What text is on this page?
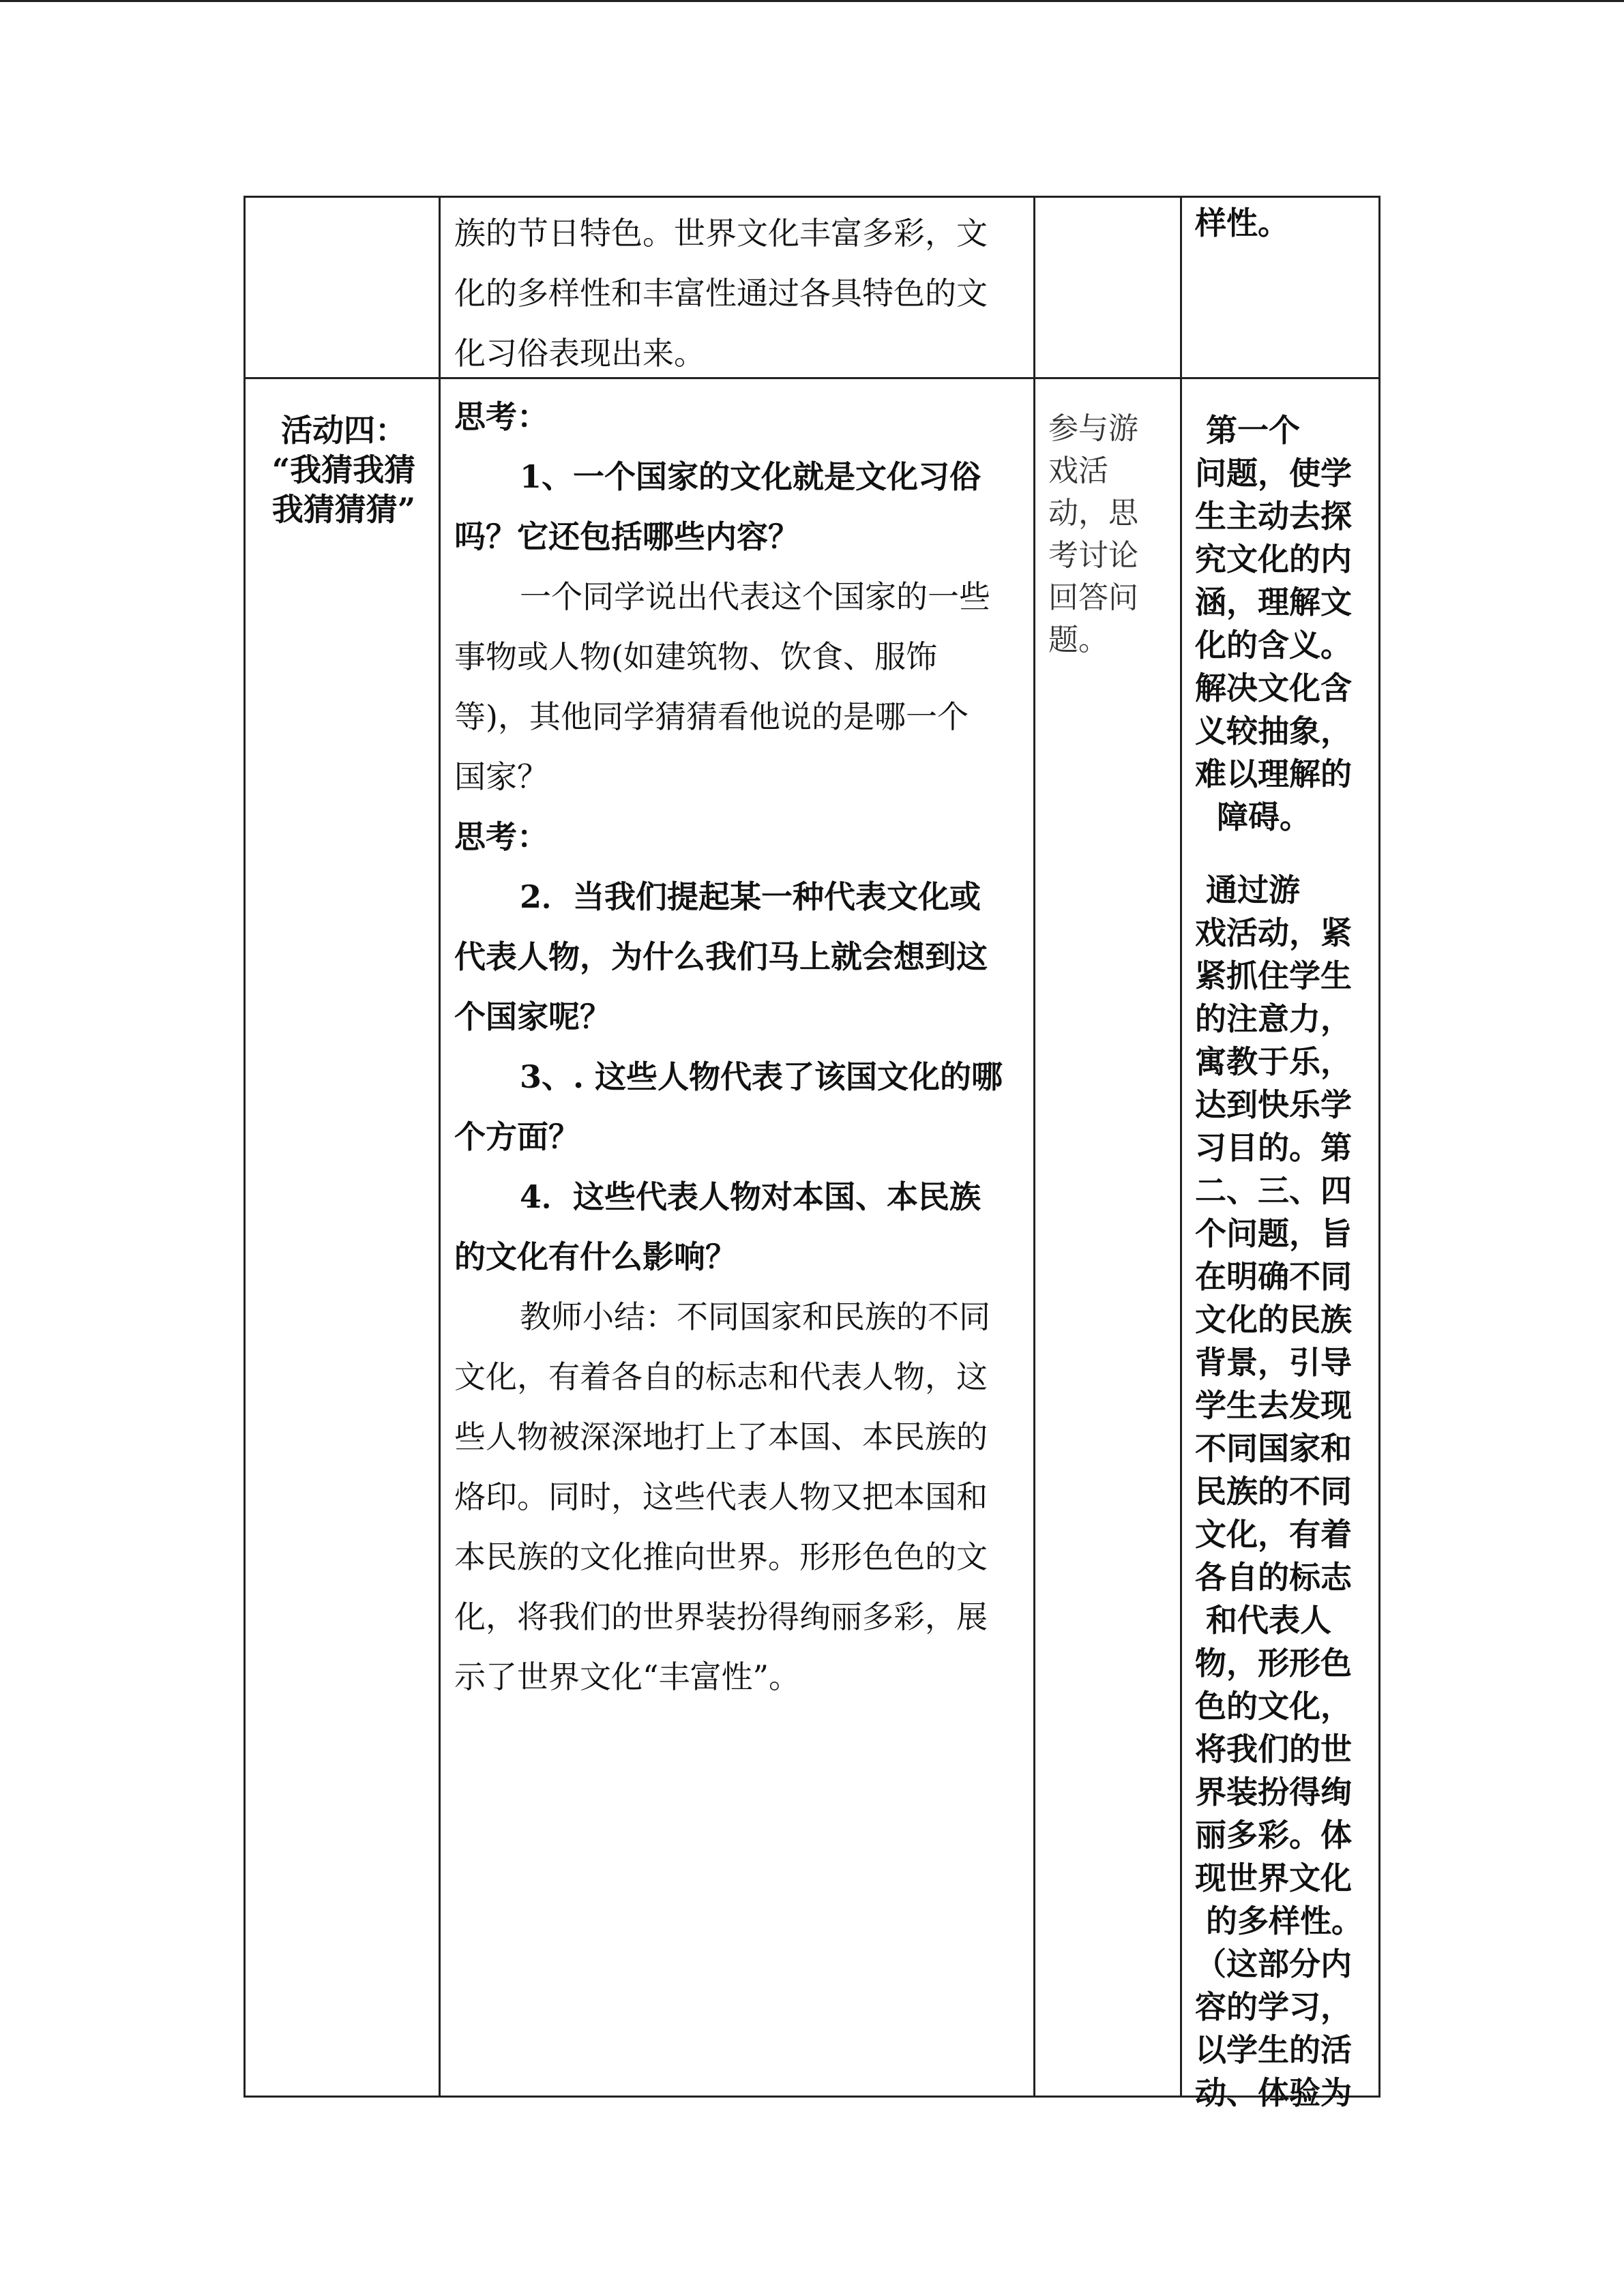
族的节日特色。世界文化丰富多彩，文

化的多样性和丰富性通过各具特色的文

化习俗表现出来。

样性。

活动四：

“我猜我猜

我猜猜猜”

思考：

1、一个国家的文化就是文化习俗

吗？它还包括哪些内容？

一个同学说出代表这个国家的一些

事物或人物(如建筑物、饮食、服饰

等)，其他同学猜猜看他说的是哪一个

国家？

思考：

2．当我们提起某一种代表文化或

代表人物，为什么我们马上就会想到这

个国家呢？

3、. 这些人物代表了该国文化的哪

个方面？

4．这些代表人物对本国、本民族

的文化有什么影响？

教师小结：不同国家和民族的不同

文化，有着各自的标志和代表人物，这

些人物被深深地打上了本国、本民族的

烙印。同时，这些代表人物又把本国和

本民族的文化推向世界。形形色色的文

化，将我们的世界装扮得绚丽多彩，展

示了世界文化“丰富性”。

参与游

戏活

动，思

考讨论

回答问

题。

第一个

问题，使学

生主动去探

究文化的内

涵，理解文

化的含义。

解决文化含

义较抽象，

难以理解的

障碍。

通过游

戏活动，紧

紧抓住学生

的注意力，

寓教于乐，

达到快乐学

习目的。第

二、三、四

个问题，旨

在明确不同

文化的民族

背景，引导

学生去发现

不同国家和

民族的不同

文化，有着

各自的标志

和代表人

物，形形色

色的文化，

将我们的世

界装扮得绚

丽多彩。体

现世界文化

的多样性。

（这部分内

容的学习，

以学生的活

动、体验为
